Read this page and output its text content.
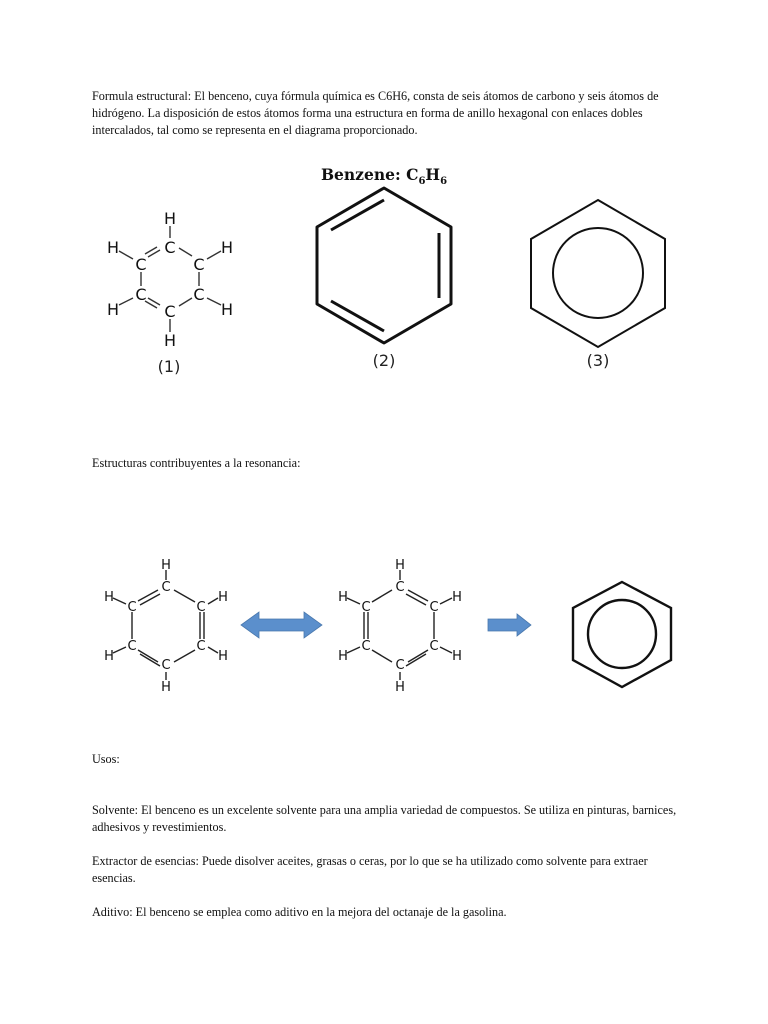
Formula estructural: El benceno, cuya fórmula química es C6H6, consta de seis átomos de carbono y seis átomos de hidrógeno. La disposición de estos átomos forma una estructura en forma de anillo hexagonal con enlaces dobles intercalados, tal como se representa en el diagrama proporcionado.

Benzene: $C_6H_6$
H
C
C	C
C	C
C
H
H	H
H	H
(1)	(2)	(3)

Estructuras contribuyentes a la resonancia:

H
C
C	C
C	C
C
H
H	H
H	H
H
C
C	C
C	C
C
H
H	H
H	H

Usos:

Solvente: El benceno es un excelente solvente para una amplia variedad de compuestos. Se utiliza en pinturas, barnices, adhesivos y revestimientos.

Extractor de esencias: Puede disolver aceites, grasas o ceras, por lo que se ha utilizado como solvente para extraer esencias.

Aditivo: El benceno se emplea como aditivo en la mejora del octanaje de la gasolina.
